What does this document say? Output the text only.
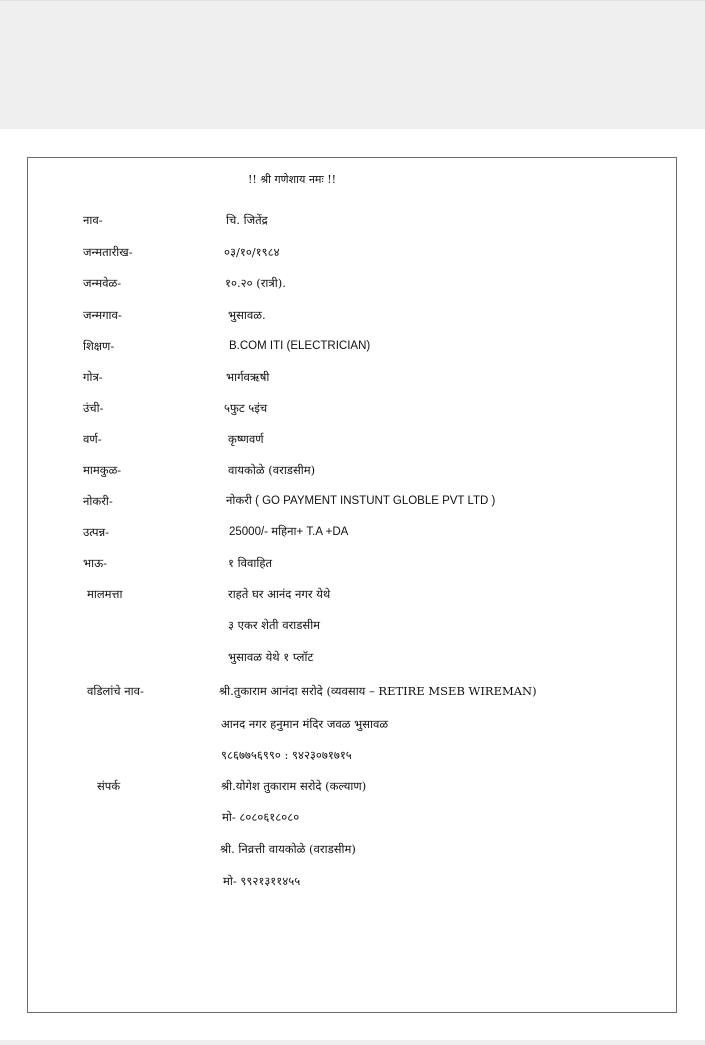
!! श्री गणेशाय नमः !!
नाव-	चि. जितेंद्र
जन्मतारीख-	०३/१०/१९८४
जन्मवेळ-	१०.२० (रात्री).
जन्मगाव-	भुसावळ.
शिक्षण-	B.COM ITI (ELECTRICIAN)
गोत्र-	भार्गवऋषी
उंची-	५फुट ५इंच
वर्ण-	कृष्णवर्ण
मामकुळ-	वायकोळे (वराडसीम)
नोकरी-	नोकरी ( GO PAYMENT INSTUNT GLOBLE PVT LTD )
उत्पन्न-	25000/- महिना+ T.A +DA
भाऊ-	१ विवाहित
मालमत्ता	राहते घर आनंद नगर येथे
३ एकर शेती वराडसीम
भुसावळ येथे १ प्लॉट
वडिलांचे नाव-	श्री.तुकाराम आनंदा सरोदे (व्यवसाय – RETIRE MSEB WIREMAN)
आनद नगर हनुमान मंदिर जवळ भुसावळ
९८६७७५६९९० : ९४२३०७१७१५
संपर्क	श्री.योगेश तुकाराम सरोदे (कल्याण)
मो- ८०८०६१८०८०
श्री. निव्रत्ती वायकोळे (वराडसीम)
मो- ९९२१३११४५५
